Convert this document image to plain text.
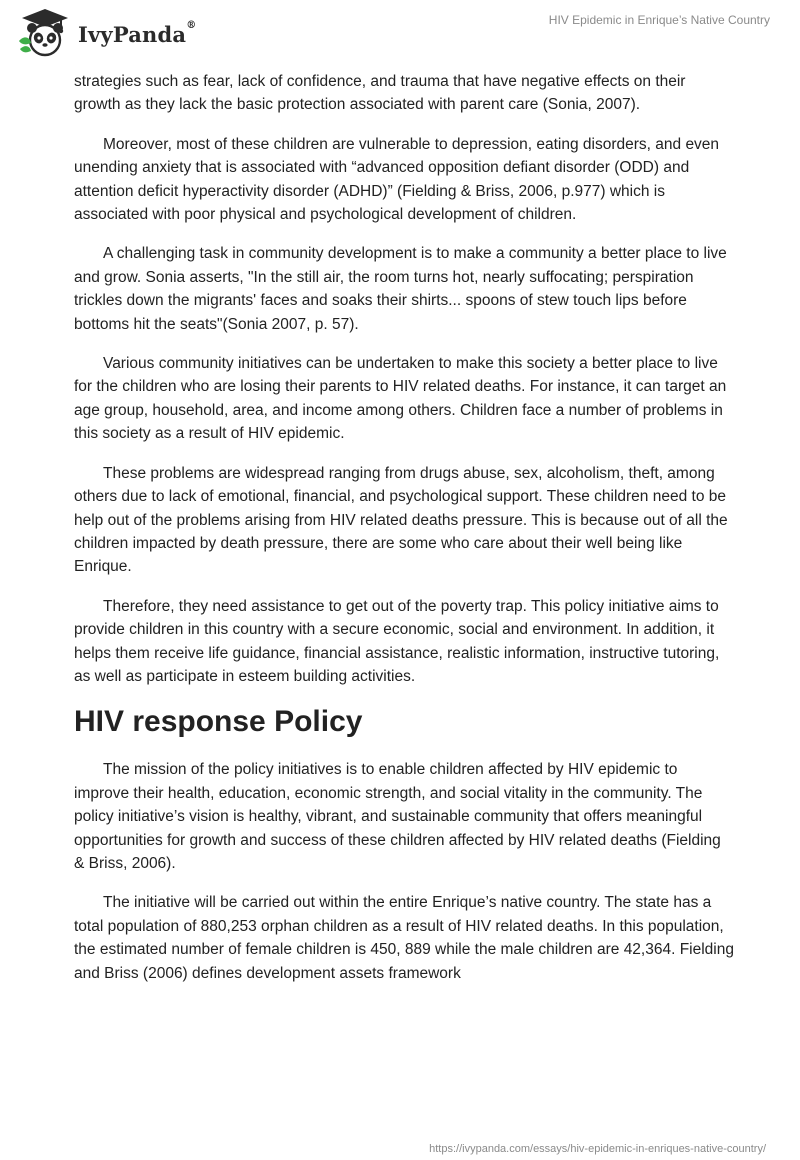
IvyPanda®	HIV Epidemic in Enrique’s Native Country

strategies such as fear, lack of confidence, and trauma that have negative effects on their growth as they lack the basic protection associated with parent care (Sonia, 2007).

Moreover, most of these children are vulnerable to depression, eating disorders, and even unending anxiety that is associated with “advanced opposition defiant disorder (ODD) and attention deficit hyperactivity disorder (ADHD)” (Fielding & Briss, 2006, p.977) which is associated with poor physical and psychological development of children.

A challenging task in community development is to make a community a better place to live and grow. Sonia asserts, "In the still air, the room turns hot, nearly suffocating; perspiration trickles down the migrants' faces and soaks their shirts... spoons of stew touch lips before bottoms hit the seats"(Sonia 2007, p. 57).

Various community initiatives can be undertaken to make this society a better place to live for the children who are losing their parents to HIV related deaths. For instance, it can target an age group, household, area, and income among others. Children face a number of problems in this society as a result of HIV epidemic.

These problems are widespread ranging from drugs abuse, sex, alcoholism, theft, among others due to lack of emotional, financial, and psychological support. These children need to be help out of the problems arising from HIV related deaths pressure. This is because out of all the children impacted by death pressure, there are some who care about their well being like Enrique.

Therefore, they need assistance to get out of the poverty trap. This policy initiative aims to provide children in this country with a secure economic, social and environment. In addition, it helps them receive life guidance, financial assistance, realistic information, instructive tutoring, as well as participate in esteem building activities.

HIV response Policy

The mission of the policy initiatives is to enable children affected by HIV epidemic to improve their health, education, economic strength, and social vitality in the community. The policy initiative’s vision is healthy, vibrant, and sustainable community that offers meaningful opportunities for growth and success of these children affected by HIV related deaths (Fielding & Briss, 2006).

The initiative will be carried out within the entire Enrique’s native country. The state has a total population of 880,253 orphan children as a result of HIV related deaths. In this population, the estimated number of female children is 450, 889 while the male children are 42,364. Fielding and Briss (2006) defines development assets framework

https://ivypanda.com/essays/hiv-epidemic-in-enriques-native-country/
